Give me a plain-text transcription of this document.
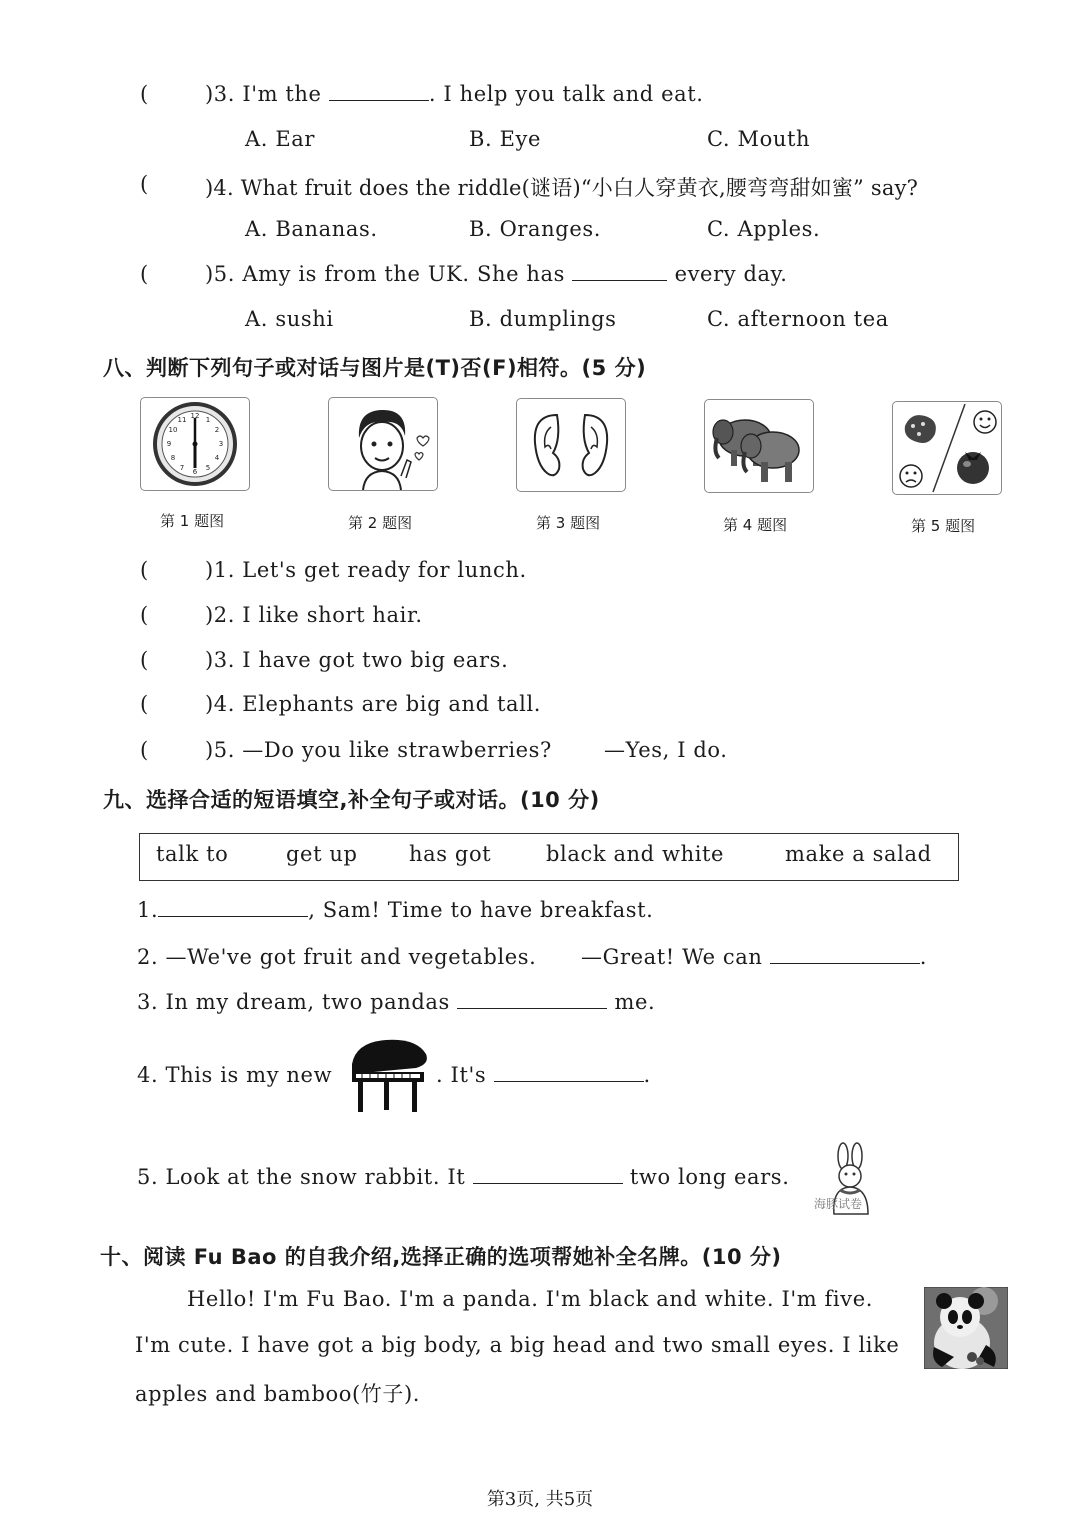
(	)3. I'm the	. I help you talk and eat.
A. Ear	B. Eye	C. Mouth
(	)4. What fruit does the riddle(谜语)“小白人穿黄衣,腰弯弯甜如蜜” say?
A. Bananas.	B. Oranges.	C. Apples.
(	)5. Amy is from the UK. She has	every day.
A. sushi	B. dumplings	C. afternoon tea
八、判断下列句子或对话与图片是(T)否(F)相符。(5 分)
12 1
2
3
4
5
6
7
8
9
10
11
第 1 题图	第 2 题图	第 3 题图	第 4 题图	第 5 题图
(	)1. Let's get ready for lunch.
(	)2. I like short hair.
(	)3. I have got two big ears.
(	)4. Elephants are big and tall.
(	)5. —Do you like strawberries? —Yes, I do.
九、选择合适的短语填空,补全句子或对话。(10 分)
talk to	get up has got	black and white	make a salad
1.	, Sam! Time to have breakfast.
2. —We've got fruit and vegetables. —Great! We can	.
3. In my dream, two pandas	me.
4. This is my new	. It's	.
5. Look at the snow rabbit. It	two long ears.
海豚试卷
十、阅读 Fu Bao 的自我介绍,选择正确的选项帮她补全名牌。(10 分)
Hello! I'm Fu Bao. I'm a panda. I'm black and white. I'm five.
I'm cute. I have got a big body, a big head and two small eyes. I like
apples and bamboo(竹子).
第3页, 共5页
